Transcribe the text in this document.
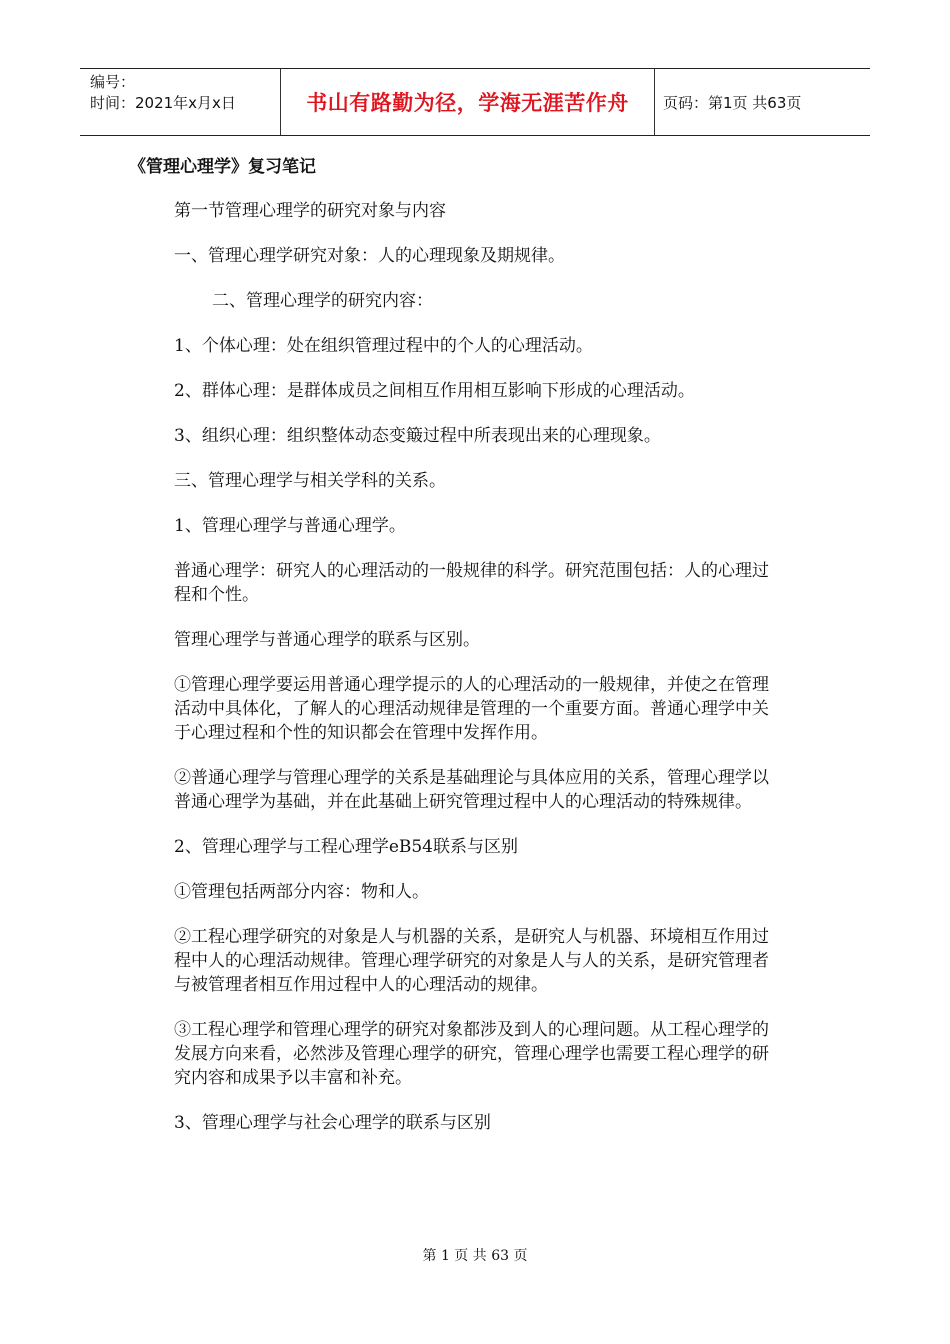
编号：
时间：2021年x月x日	书山有路勤为径，学海无涯苦作舟	页码：第1页 共63页

《管理心理学》复习笔记

第一节管理心理学的研究对象与内容

一、管理心理学研究对象：人的心理现象及期规律。

二、管理心理学的研究内容：

1、个体心理：处在组织管理过程中的个人的心理活动。

2、群体心理：是群体成员之间相互作用相互影响下形成的心理活动。

3、组织心理：组织整体动态变簸过程中所表现出来的心理现象。

三、管理心理学与相关学科的关系。

1、管理心理学与普通心理学。

普通心理学：研究人的心理活动的一般规律的科学。研究范围包括：人的心理过程和个性。

管理心理学与普通心理学的联系与区别。

①管理心理学要运用普通心理学提示的人的心理活动的一般规律，并使之在管理活动中具体化，了解人的心理活动规律是管理的一个重要方面。普通心理学中关于心理过程和个性的知识都会在管理中发挥作用。

②普通心理学与管理心理学的关系是基础理论与具体应用的关系，管理心理学以普通心理学为基础，并在此基础上研究管理过程中人的心理活动的特殊规律。

2、管理心理学与工程心理学eB54联系与区别

①管理包括两部分内容：物和人。

②工程心理学研究的对象是人与机器的关系，是研究人与机器、环境相互作用过程中人的心理活动规律。管理心理学研究的对象是人与人的关系，是研究管理者与被管理者相互作用过程中人的心理活动的规律。

③工程心理学和管理心理学的研究对象都涉及到人的心理问题。从工程心理学的发展方向来看，必然涉及管理心理学的研究，管理心理学也需要工程心理学的研究内容和成果予以丰富和补充。

3、管理心理学与社会心理学的联系与区别

第 1 页 共 63 页
